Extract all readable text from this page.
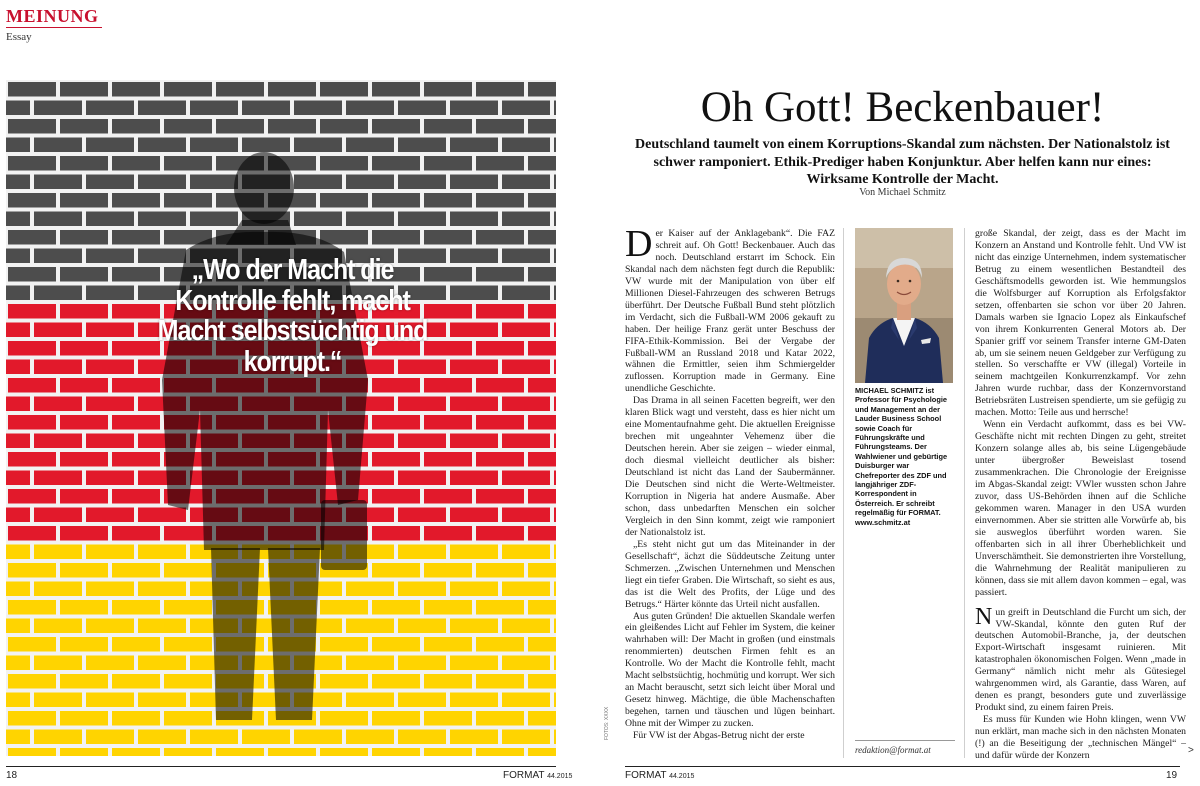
MEINUNG
Essay
„Wo der Macht die Kontrolle fehlt, macht Macht selbstsüchtig und korrupt.“
FOTOS: XXXX
18	FORMAT 44.2015
Oh Gott! Beckenbauer!
Deutschland taumelt von einem Korruptions-Skandal zum nächsten. Der Nationalstolz ist schwer ramponiert. Ethik-Prediger haben Konjunktur. Aber helfen kann nur eines: Wirksame Kontrolle der Macht.
Von Michael Schmitz

Der Kaiser auf der Anklagebank“. Die FAZ schreit auf. Oh Gott! Beckenbauer. Auch das noch. Deutschland erstarrt im Schock. Ein Skandal nach dem nächsten fegt durch die Republik: VW wurde mit der Manipulation von über elf Millionen Diesel-Fahrzeugen des schweren Betrugs überführt. Der Deutsche Fußball Bund steht plötzlich im Verdacht, sich die Fußball-WM 2006 gekauft zu haben. Der heilige Franz gerät unter Beschuss der FIFA-Ethik-Kommission. Bei der Vergabe der Fußball-WM an Russland 2018 und Katar 2022, wähnen die Ermittler, seien ihm Schmiergelder zuflossen. Korruption made in Germany. Eine unendliche Geschichte.

Das Drama in all seinen Facetten begreift, wer den klaren Blick wagt und versteht, dass es hier nicht um eine Momentaufnahme geht. Die aktuellen Ereignisse brechen mit ungeahnter Vehemenz über die Deutschen herein. Aber sie zeigen – wieder einmal, doch diesmal vielleicht deutlicher als bisher: Deutschland ist nicht das Land der Saubermänner. Die Deutschen sind nicht die Werte-Weltmeister. Korruption in Nigeria hat andere Ausmaße. Aber schon, dass unbedarften Menschen ein solcher Vergleich in den Sinn kommt, zeigt wie ramponiert der Nationalstolz ist.

„Es steht nicht gut um das Miteinander in der Gesellschaft“, ächzt die Süddeutsche Zeitung unter Schmerzen. „Zwischen Unternehmen und Menschen liegt ein tiefer Graben. Die Wirtschaft, so sieht es aus, das ist die Welt des Profits, der Lüge und des Betrugs.“ Härter könnte das Urteil nicht ausfallen.

Aus guten Gründen! Die aktuellen Skandale werfen ein gleißendes Licht auf Fehler im System, die keiner wahrhaben will: Der Macht in großen (und einstmals renommierten) deutschen Firmen fehlt es an Kontrolle. Wo der Macht die Kontrolle fehlt, macht Macht selbstsüchtig, hochmütig und korrupt. Wer sich an Macht berauscht, setzt sich leicht über Moral und Gesetz hinweg. Mächtige, die üble Machenschaften begehen, tarnen und täuschen und lügen beinhart. Ohne mit der Wimper zu zucken.

Für VW ist der Abgas-Betrug nicht der erste

MICHAEL SCHMITZ ist Professor für Psychologie und Management an der Lauder Business School sowie Coach für Führungskräfte und Führungsteams. Der Wahlwiener und gebürtige Duisburger war Chefreporter des ZDF und langjähriger ZDF-Korrespondent in Österreich. Er schreibt regelmäßig für FORMAT. www.schmitz.at
redaktion@format.at

große Skandal, der zeigt, dass es der Macht im Konzern an Anstand und Kontrolle fehlt. Und VW ist nicht das einzige Unternehmen, indem systematischer Betrug zu einem wesentlichen Bestandteil des Geschäftsmodells geworden ist. Wie hemmungslos die Wolfsburger auf Korruption als Erfolgsfaktor setzen, offenbarten sie schon vor über 20 Jahren. Damals warben sie Ignacio Lopez als Einkaufschef von ihrem Konkurrenten General Motors ab. Der Spanier griff vor seinem Transfer interne GM-Daten ab, um sie seinem neuen Geldgeber zur Verfügung zu stellen. So verschaffte er VW (illegal) Vorteile in seinem machtgeilen Konkurrenzkampf. Vor zehn Jahren wurde ruchbar, dass der Konzernvorstand Betriebsräten Lustreisen spendierte, um sie gefügig zu machen. Motto: Teile aus und herrsche!

Wenn ein Verdacht aufkommt, dass es bei VW-Geschäfte nicht mit rechten Dingen zu geht, streitet Konzern solange alles ab, bis seine Lügengebäude unter übergroßer Beweislast tosend zusammenkrachen. Die Chronologie der Ereignisse im Abgas-Skandal zeigt: VWler wussten schon Jahre zuvor, dass US-Behörden ihnen auf die Schliche gekommen waren. Manager in den USA wurden einvernommen. Aber sie stritten alle Vorwürfe ab, bis sie ausweglos überführt worden waren. Sie offenbarten sich in all ihrer Überheblichkeit und Unverschämtheit. Sie demonstrierten ihre Vorstellung, die Wahrnehmung der Realität manipulieren zu können, dass sie mit allem davon kommen – egal, was passiert.

Nun greift in Deutschland die Furcht um sich, der VW-Skandal, könnte den guten Ruf der deutschen Automobil-Branche, ja, der deutschen Export-Wirtschaft insgesamt ruinieren. Mit katastrophalen ökonomischen Folgen. Wenn „made in Germany“ nämlich nicht mehr als Gütesiegel wahrgenommen wird, als Garantie, dass Waren, auf denen es prangt, besonders gute und zuverlässige Produkt sind, zu einem fairen Preis.

Es muss für Kunden wie Hohn klingen, wenn VW nun erklärt, man mache sich in den nächsten Monaten (!) an die Beseitigung der „technischen Mängel“ – und dafür würde der Konzern

FORMAT 44.2015	19
>
